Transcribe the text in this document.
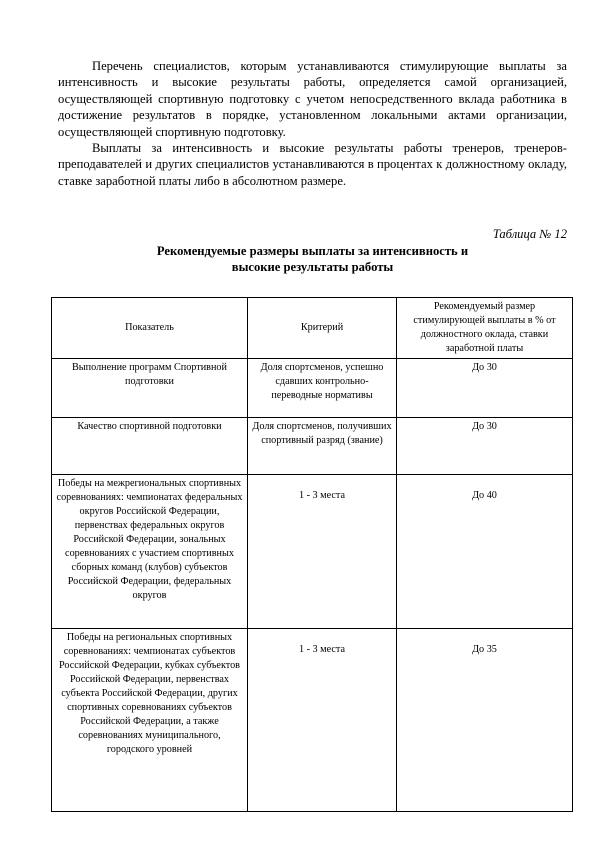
Перечень специалистов, которым устанавливаются стимулирующие выплаты за интенсивность и высокие результаты работы, определяется самой организацией, осуществляющей спортивную подготовку с учетом непосредственного вклада работника в достижение результатов в порядке, установленном локальными актами организации, осуществляющей спортивную подготовку.

Выплаты за интенсивность и высокие результаты работы тренеров, тренеров-преподавателей и других специалистов устанавливаются в процентах к должностному окладу, ставке заработной платы либо в абсолютном размере.

Таблица № 12
Рекомендуемые размеры выплаты за интенсивность и
высокие результаты работы
Показатель	Критерий	Рекомендуемый размер стимулирующей выплаты в % от должностного оклада, ставки заработной платы
Выполнение программ Спортивной подготовки	Доля спортсменов, успешно сдавших контрольно-переводные нормативы	До 30
Качество спортивной подготовки	Доля спортсменов, получивших спортивный разряд (звание)	До 30
Победы на межрегиональных спортивных соревнованиях: чемпионатах федеральных округов Российской Федерации, первенствах федеральных округов Российской Федерации, зональных соревнованиях с участием спортивных сборных команд (клубов) субъектов Российской Федерации, федеральных округов	1 - 3 места	До 40
Победы на региональных спортивных соревнованиях: чемпионатах субъектов Российской Федерации, кубках субъектов Российской Федерации, первенствах субъекта Российской Федерации, других спортивных соревнованиях субъектов Российской Федерации, а также соревнованиях муниципального, городского уровней	1 - 3 места	До 35
